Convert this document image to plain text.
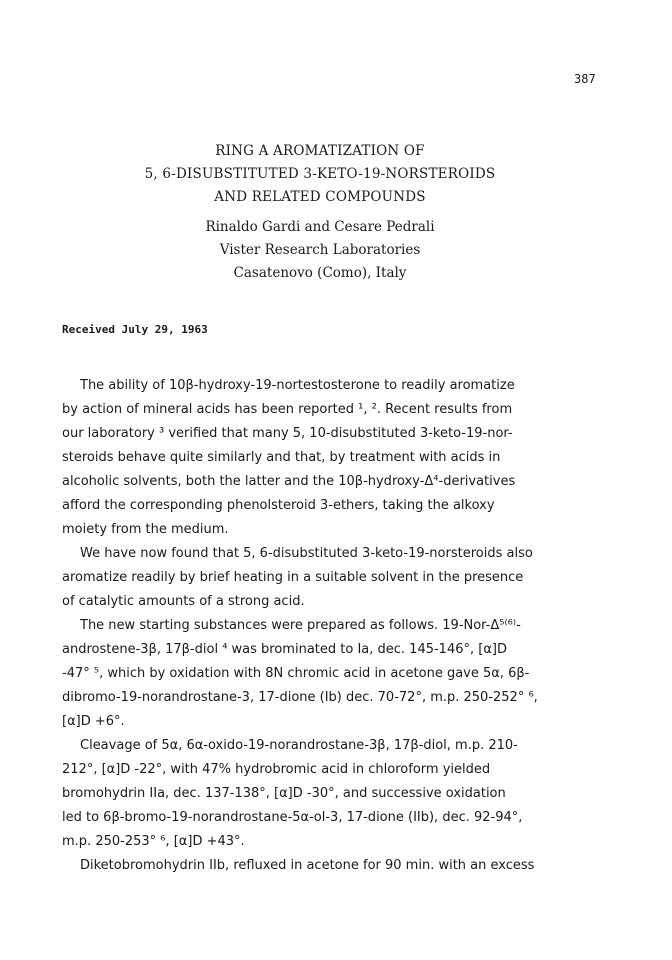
387
RING A AROMATIZATION OF
5, 6-DISUBSTITUTED 3-KETO-19-NORSTEROIDS
AND RELATED COMPOUNDS
Rinaldo Gardi and Cesare Pedrali
Vister Research Laboratories
Casatenovo (Como), Italy
Received July 29, 1963
The ability of 10β-hydroxy-19-nortestosterone to readily aromatize
by action of mineral acids has been reported ¹, ². Recent results from
our laboratory ³ verified that many 5, 10-disubstituted 3-keto-19-nor-
steroids behave quite similarly and that, by treatment with acids in
alcoholic solvents, both the latter and the 10β-hydroxy-Δ⁴-derivatives
afford the corresponding phenolsteroid 3-ethers, taking the alkoxy
moiety from the medium.
We have now found that 5, 6-disubstituted 3-keto-19-norsteroids also
aromatize readily by brief heating in a suitable solvent in the presence
of catalytic amounts of a strong acid.
The new starting substances were prepared as follows. 19-Nor-Δ⁵⁽⁶⁾-
androstene-3β, 17β-diol ⁴ was brominated to Ia, dec. 145-146°, [α]D
-47° ⁵, which by oxidation with 8N chromic acid in acetone gave 5α, 6β-
dibromo-19-norandrostane-3, 17-dione (Ib) dec. 70-72°, m.p. 250-252° ⁶,
[α]D +6°.
Cleavage of 5α, 6α-oxido-19-norandrostane-3β, 17β-diol, m.p. 210-
212°, [α]D -22°, with 47% hydrobromic acid in chloroform yielded
bromohydrin IIa, dec. 137-138°, [α]D -30°, and successive oxidation
led to 6β-bromo-19-norandrostane-5α-ol-3, 17-dione (IIb), dec. 92-94°,
m.p. 250-253° ⁶, [α]D +43°.
Diketobromohydrin IIb, refluxed in acetone for 90 min. with an excess
